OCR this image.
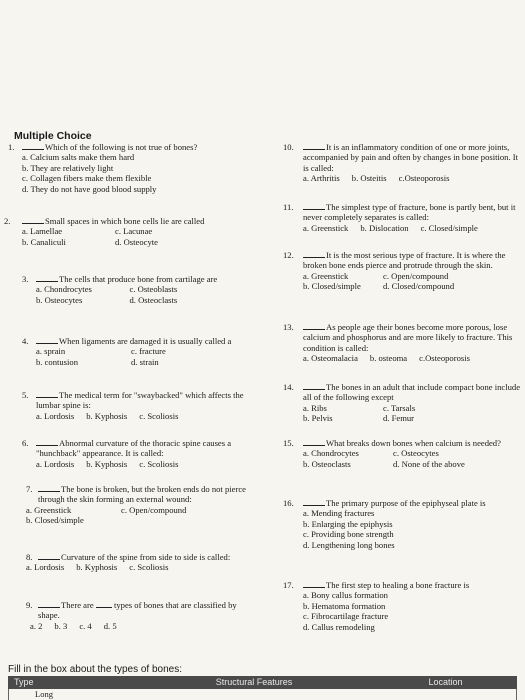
Multiple Choice
1.	Which of the following is not true of bones?
a. Calcium salts make them hard
b. They are relatively light
c. Collagen fibers make them flexible
d. They do not have good blood supply
2.	Small spaces in which bone cells lie are called
a. Lamellae	c. Lacunae
b. Canaliculi	d. Osteocyte
3.	The cells that produce bone from cartilage are
a. Chondrocytes	c. Osteoblasts
b. Osteocytes	d. Osteoclasts
4.	When ligaments are damaged it is usually called a
a. sprain	c. fracture
b. contusion	d. strain
5.	The medical term for "swaybacked" which affects the lumbar spine is:
a. Lordosis b. Kyphosis c. Scoliosis
6.	Abnormal curvature of the thoracic spine causes a "hunchback" appearance. It is called:
a. Lordosis b. Kyphosis c. Scoliosis
7.	The bone is broken, but the broken ends do not pierce through the skin forming an external wound:
a. Greenstick	c. Open/compound
b. Closed/simple
8.	Curvature of the spine from side to side is called:
a. Lordosis b. Kyphosis c. Scoliosis
9.	There are types of bones that are classified by shape.
a. 2 b. 3 c. 4 d. 5
10.	It is an inflammatory condition of one or more joints, accompanied by pain and often by changes in bone position. It is called:
a. Arthritis b. Osteitis c.Osteoporosis
11.	The simplest type of fracture, bone is partly bent, but it never completely separates is called:
a. Greenstick b. Dislocation c. Closed/simple
12.	It is the most serious type of fracture. It is where the broken bone ends pierce and protrude through the skin.
a. Greenstick	c. Open/compound
b. Closed/simple	d. Closed/compound
13.	As people age their bones become more porous, lose calcium and phosphorus and are more likely to fracture. This condition is called:
a. Osteomalacia b. osteoma c.Osteoporosis
14.	The bones in an adult that include compact bone include all of the following except
a. Ribs	c. Tarsals
b. Pelvis	d. Femur
15.	What breaks down bones when calcium is needed?
a. Chondrocytes	c. Osteocytes
b. Osteoclasts	d. None of the above
16.	The primary purpose of the epiphyseal plate is
a. Mending fractures
b. Enlarging the epiphysis
c. Providing bone strength
d. Lengthening long bones
17.	The first step to healing a bone fracture is
a. Bony callus formation
b. Hematoma formation
c. Fibrocartilage fracture
d. Callus remodeling
Fill in the box about the types of bones:
Type	Structural Features	Location
Long
